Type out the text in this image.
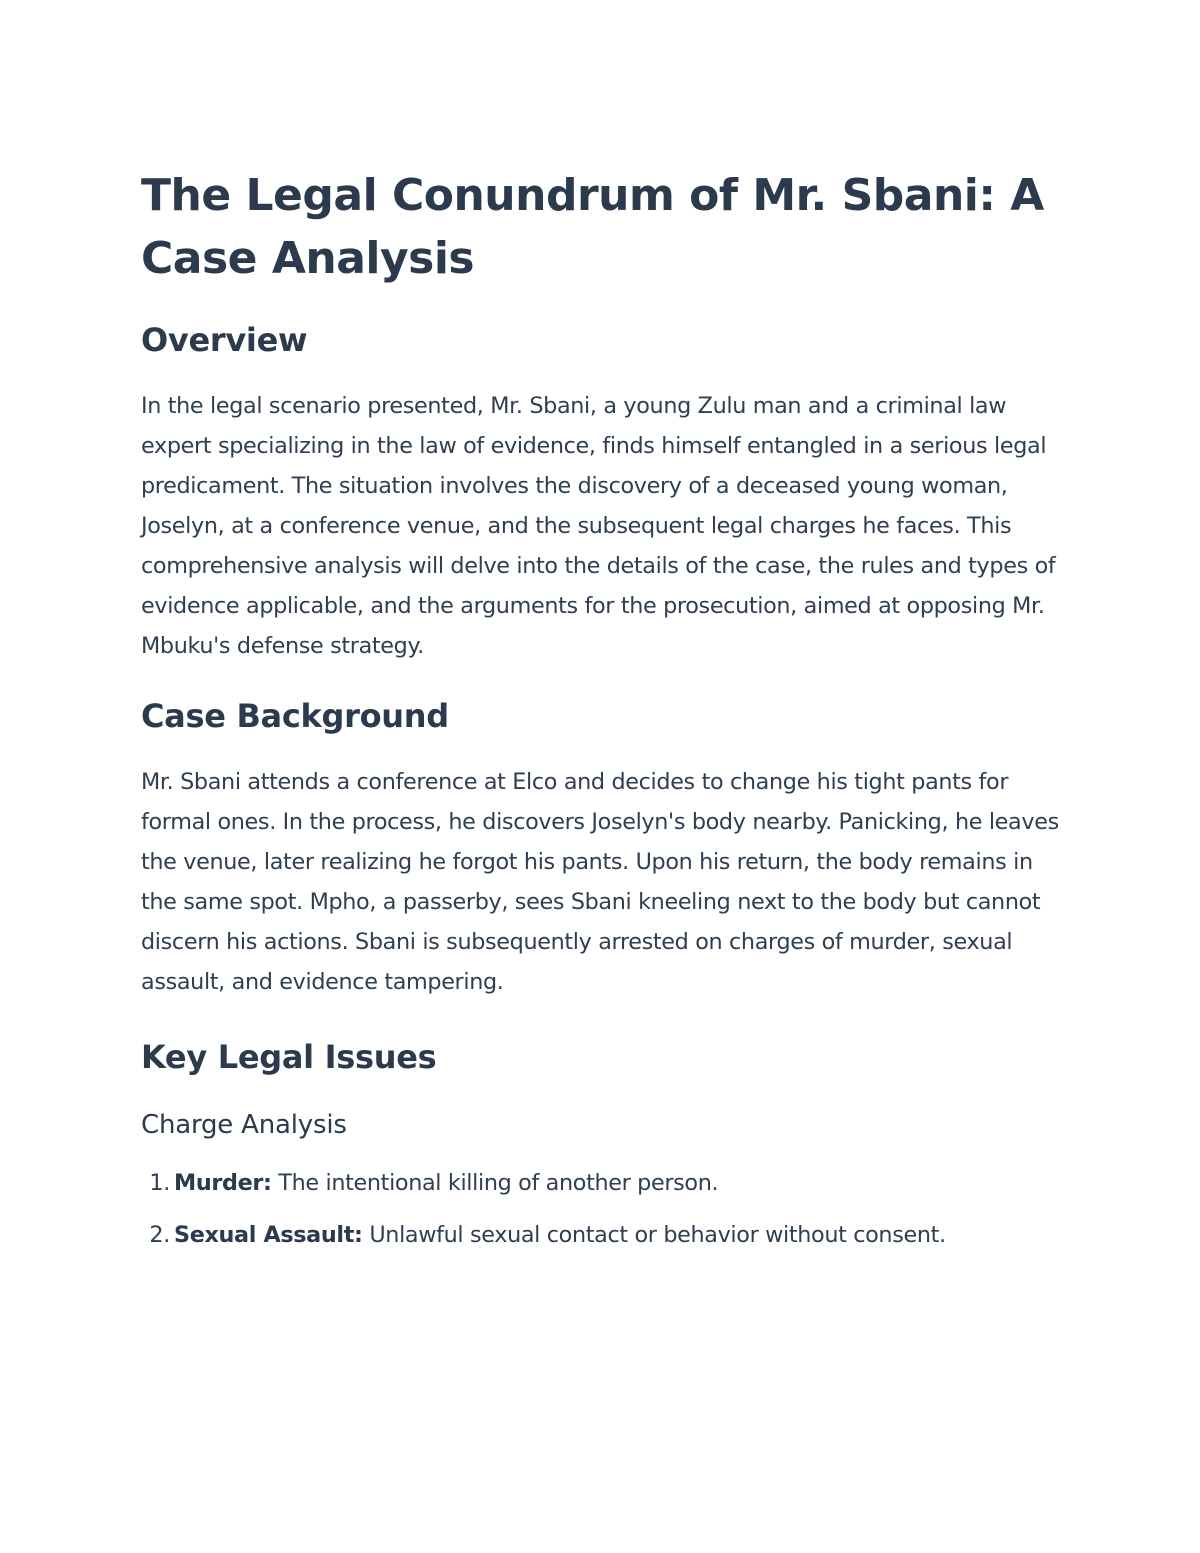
The Legal Conundrum of Mr. Sbani: A Case Analysis
Overview

In the legal scenario presented, Mr. Sbani, a young Zulu man and a criminal law expert specializing in the law of evidence, finds himself entangled in a serious legal predicament. The situation involves the discovery of a deceased young woman, Joselyn, at a conference venue, and the subsequent legal charges he faces. This comprehensive analysis will delve into the details of the case, the rules and types of evidence applicable, and the arguments for the prosecution, aimed at opposing Mr. Mbuku's defense strategy.

Case Background

Mr. Sbani attends a conference at Elco and decides to change his tight pants for formal ones. In the process, he discovers Joselyn's body nearby. Panicking, he leaves the venue, later realizing he forgot his pants. Upon his return, the body remains in the same spot. Mpho, a passerby, sees Sbani kneeling next to the body but cannot discern his actions. Sbani is subsequently arrested on charges of murder, sexual assault, and evidence tampering.

Key Legal Issues
Charge Analysis
1. Murder: The intentional killing of another person.
2. Sexual Assault: Unlawful sexual contact or behavior without consent.
